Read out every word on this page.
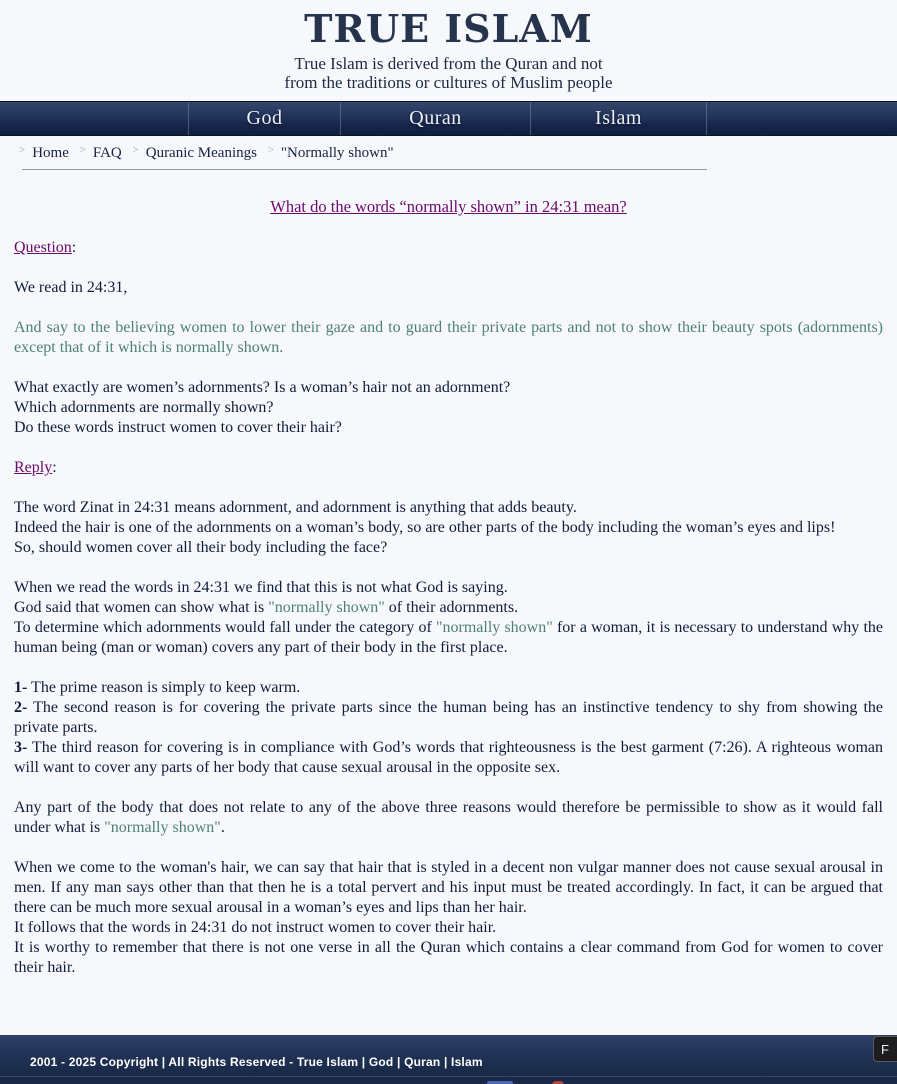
TRUE ISLAM
True Islam is derived from the Quran and not
from the traditions or cultures of Muslim people
God	Quran	Islam
> Home > FAQ > Quranic Meanings > "Normally shown"
What do the words “normally shown” in 24:31 mean?

Question:

We read in 24:31,

And say to the believing women to lower their gaze and to guard their private parts and not to show their beauty spots (adornments) except that of it which is normally shown.

What exactly are women’s adornments? Is a woman’s hair not an adornment?
Which adornments are normally shown?
Do these words instruct women to cover their hair?

Reply:

The word Zinat in 24:31 means adornment, and adornment is anything that adds beauty.
Indeed the hair is one of the adornments on a woman’s body, so are other parts of the body including the woman’s eyes and lips!
So, should women cover all their body including the face?

When we read the words in 24:31 we find that this is not what God is saying.
God said that women can show what is "normally shown" of their adornments.
To determine which adornments would fall under the category of "normally shown" for a woman, it is necessary to understand why the human being (man or woman) covers any part of their body in the first place.

1- The prime reason is simply to keep warm.
2- The second reason is for covering the private parts since the human being has an instinctive tendency to shy from showing the private parts.
3- The third reason for covering is in compliance with God’s words that righteousness is the best garment (7:26). A righteous woman will want to cover any parts of her body that cause sexual arousal in the opposite sex.

Any part of the body that does not relate to any of the above three reasons would therefore be permissible to show as it would fall under what is "normally shown".

When we come to the woman's hair, we can say that hair that is styled in a decent non vulgar manner does not cause sexual arousal in men. If any man says other than that then he is a total pervert and his input must be treated accordingly. In fact, it can be argued that there can be much more sexual arousal in a woman’s eyes and lips than her hair.
It follows that the words in 24:31 do not instruct women to cover their hair.
It is worthy to remember that there is not one verse in all the Quran which contains a clear command from God for women to cover their hair.

2001 - 2025 Copyright | All Rights Reserved - True Islam | God | Quran | Islam
F
